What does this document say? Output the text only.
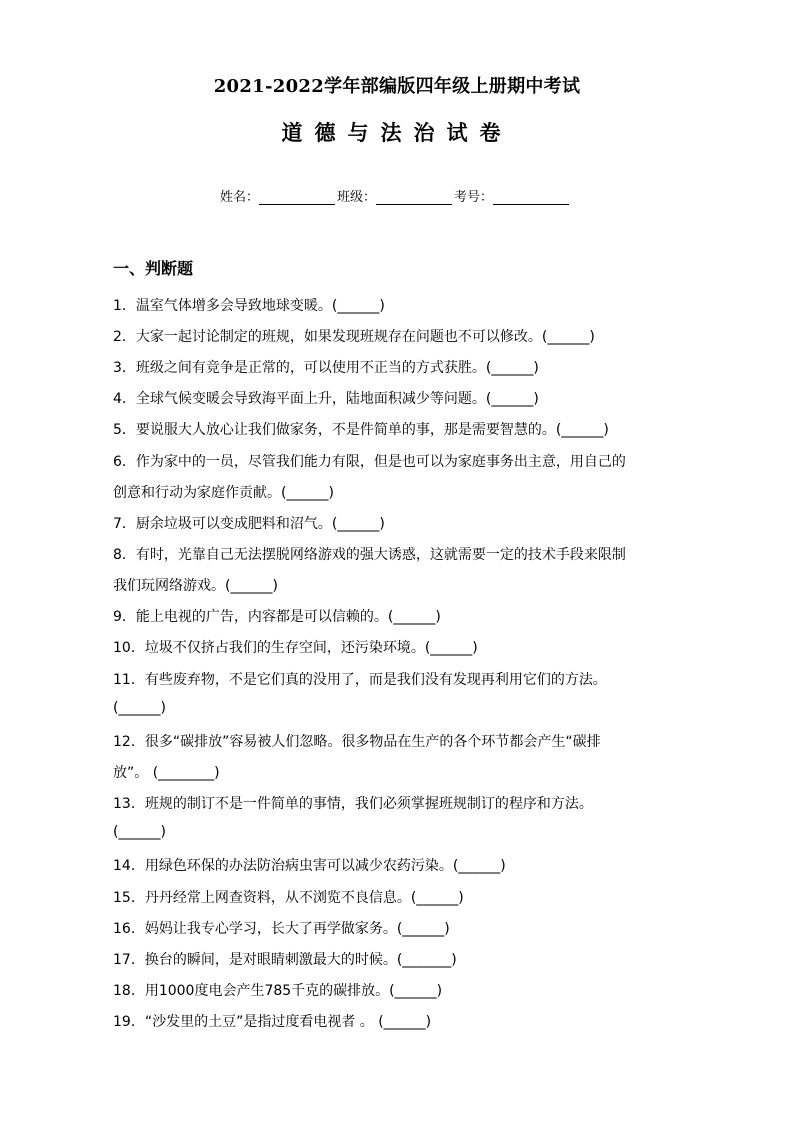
2021-2022学年部编版四年级上册期中考试
道德与法治试卷
姓名：	班级：	考号：
一、判断题
1．温室气体增多会导致地球变暖。(______)
2．大家一起讨论制定的班规，如果发现班规存在问题也不可以修改。(______)
3．班级之间有竞争是正常的，可以使用不正当的方式获胜。(______)
4．全球气候变暖会导致海平面上升，陆地面积减少等问题。(______)
5．要说服大人放心让我们做家务，不是件简单的事，那是需要智慧的。(______)
6．作为家中的一员，尽管我们能力有限，但是也可以为家庭事务出主意，用自己的
创意和行动为家庭作贡献。(______)
7．厨余垃圾可以变成肥料和沼气。(______)
8．有时，光靠自己无法摆脱网络游戏的强大诱惑，这就需要一定的技术手段来限制
我们玩网络游戏。(______)
9．能上电视的广告，内容都是可以信赖的。(______)
10．垃圾不仅挤占我们的生存空间，还污染环境。(______)
11．有些废弃物，不是它们真的没用了，而是我们没有发现再利用它们的方法。
(______)
12．很多“碳排放”容易被人们忽略。很多物品在生产的各个环节都会产生“碳排
放”。 (________)
13．班规的制订不是一件简单的事情，我们必须掌握班规制订的程序和方法。
(______)
14．用绿色环保的办法防治病虫害可以减少农药污染。(______)
15．丹丹经常上网查资料，从不浏览不良信息。(______)
16．妈妈让我专心学习，长大了再学做家务。(______)
17．换台的瞬间，是对眼睛刺激最大的时候。(_______)
18．用1000度电会产生785千克的碳排放。(______)
19．“沙发里的土豆”是指过度看电视者 。 (______)
